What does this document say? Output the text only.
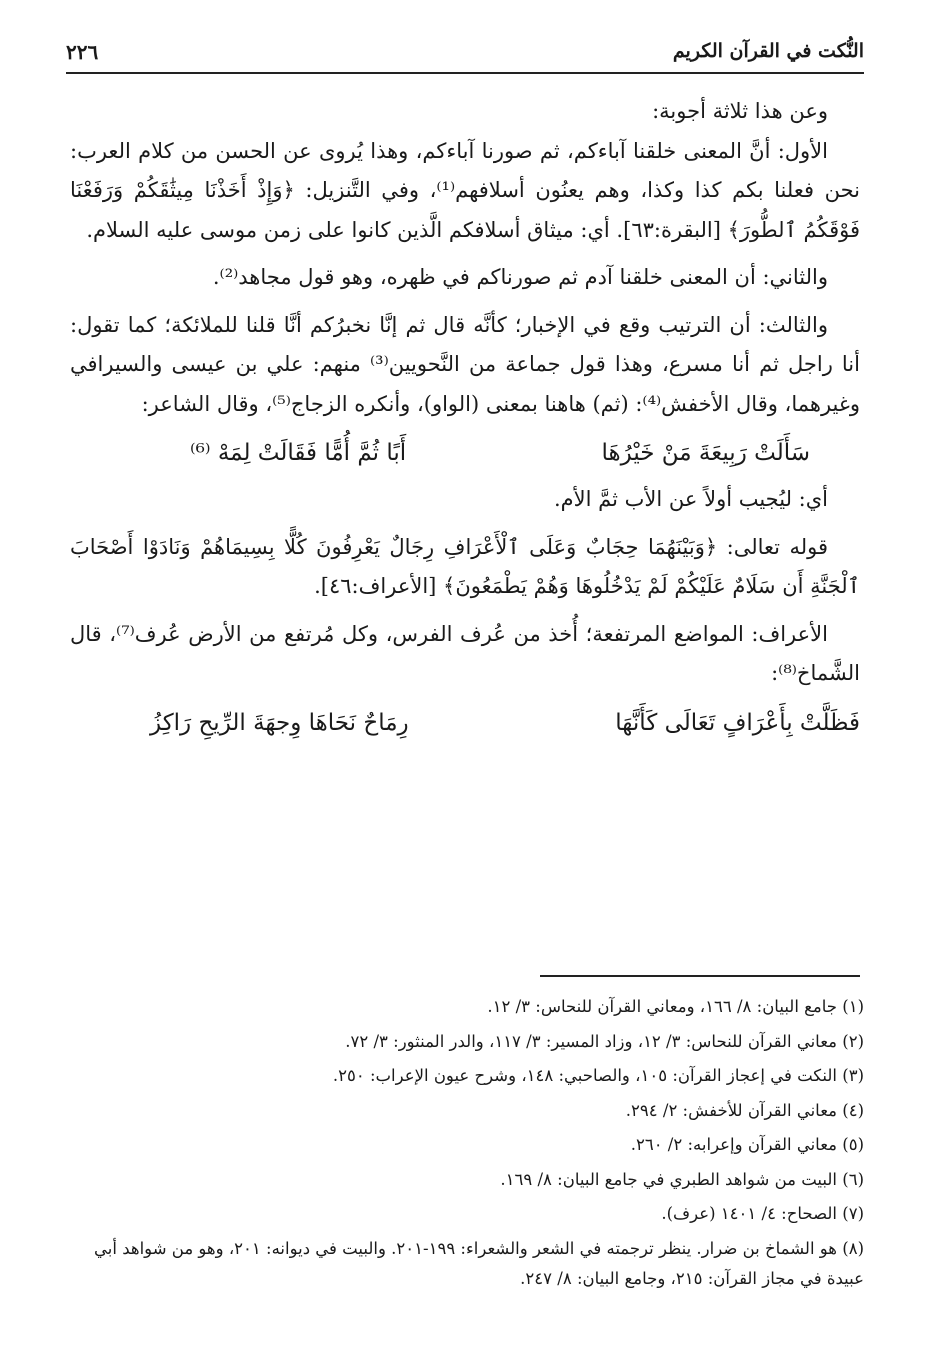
النُّكت في القرآن الكريم
٢٢٦

وعن هذا ثلاثة أجوبة:

الأول: أنَّ المعنى خلقنا آباءكم، ثم صورنا آباءكم، وهذا يُروى عن الحسن من كلام العرب: نحن فعلنا بكم كذا وكذا، وهم يعنُون أسلافهم⁽¹⁾، وفي التَّنزيل: ﴿وَإِذْ أَخَذْنَا مِيثَٰقَكُمْ وَرَفَعْنَا فَوْقَكُمُ ٱلطُّورَ﴾ [البقرة:٦٣]. أي: ميثاق أسلافكم الَّذين كانوا على زمن موسى عليه السلام.

والثاني: أن المعنى خلقنا آدم ثم صورناكم في ظهره، وهو قول مجاهد⁽²⁾.

والثالث: أن الترتيب وقع في الإخبار؛ كأنَّه قال ثم إنَّا نخبرُكم أنَّا قلنا للملائكة؛ كما تقول: أنا راجل ثم أنا مسرع، وهذا قول جماعة من النَّحويين⁽³⁾ منهم: علي بن عيسى والسيرافي وغيرهما، وقال الأخفش⁽⁴⁾: (ثم) هاهنا بمعنى (الواو)، وأنكره الزجاج⁽⁵⁾، وقال الشاعر:

سَأَلَتْ رَبِيعَةَ مَنْ خَيْرُهَا
أَبًا ثُمَّ أُمًّا فَقَالَتْ لِمَهْ ⁽⁶⁾

أي: ليُجيب أولاً عن الأب ثمَّ الأم.

قوله تعالى: ﴿وَبَيْنَهُمَا حِجَابٌ وَعَلَى ٱلْأَعْرَافِ رِجَالٌ يَعْرِفُونَ كُلًّا بِسِيمَاهُمْ وَنَادَوْا أَصْحَابَ ٱلْجَنَّةِ أَن سَلَامٌ عَلَيْكُمْ لَمْ يَدْخُلُوهَا وَهُمْ يَطْمَعُونَ﴾ [الأعراف:٤٦].

الأعراف: المواضع المرتفعة؛ أُخذ من عُرف الفرس، وكل مُرتفع من الأرض عُرف⁽⁷⁾، قال الشَّماخ⁽⁸⁾:

فَظَلَّتْ بِأَعْرَافٍ تَعَالَى كَأَنَّهَا
رِمَاحٌ نَحَاهَا وِجهَةَ الرِّيحِ رَاكِزُ

(١) جامع البيان: ٨/ ١٦٦، ومعاني القرآن للنحاس: ٣/ ١٢.

(٢) معاني القرآن للنحاس: ٣/ ١٢، وزاد المسير: ٣/ ١١٧، والدر المنثور: ٣/ ٧٢.

(٣) النكت في إعجاز القرآن: ١٠٥، والصاحبي: ١٤٨، وشرح عيون الإعراب: ٢٥٠.

(٤) معاني القرآن للأخفش: ٢/ ٢٩٤.

(٥) معاني القرآن وإعرابه: ٢/ ٢٦٠.

(٦) البيت من شواهد الطبري في جامع البيان: ٨/ ١٦٩.

(٧) الصحاح: ٤/ ١٤٠١ (عرف).

(٨) هو الشماخ بن ضرار. ينظر ترجمته في الشعر والشعراء: ١٩٩-٢٠١. والبيت في ديوانه: ٢٠١، وهو من شواهد أبي عبيدة في مجاز القرآن: ٢١٥، وجامع البيان: ٨/ ٢٤٧.
